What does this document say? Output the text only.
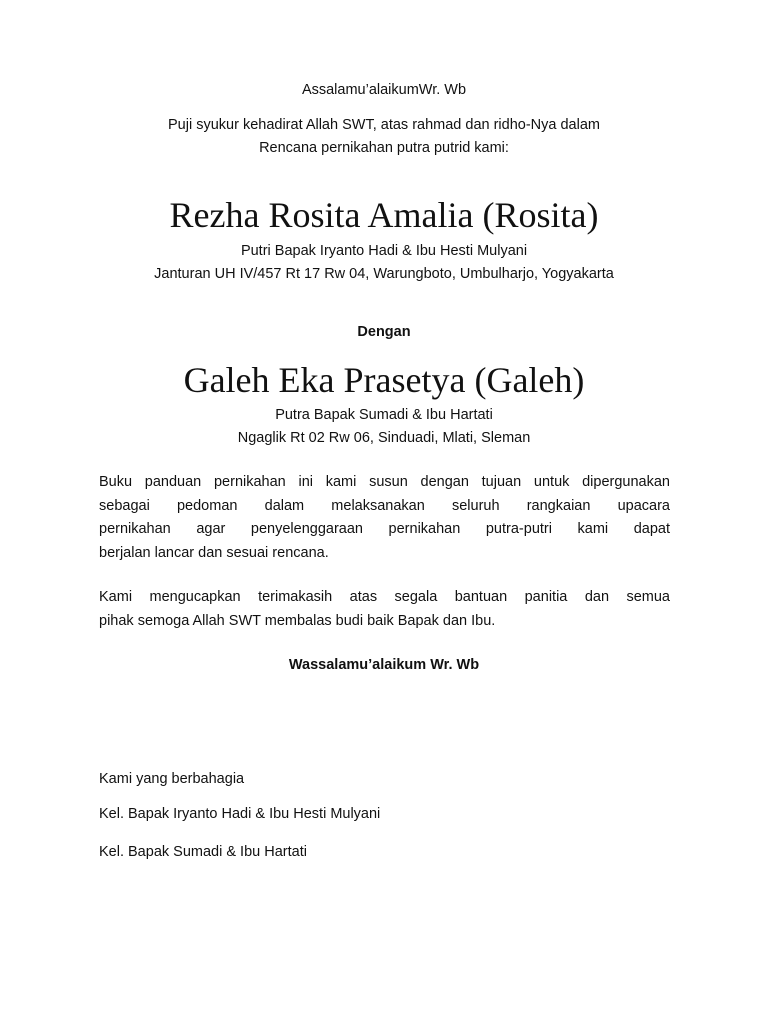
Assalamu’alaikumWr. Wb
Puji syukur kehadirat Allah SWT, atas rahmad dan ridho-Nya dalam
Rencana pernikahan putra putrid kami:
Rezha Rosita Amalia (Rosita)
Putri Bapak Iryanto Hadi & Ibu Hesti Mulyani
Janturan UH IV/457 Rt 17 Rw 04, Warungboto, Umbulharjo, Yogyakarta
Dengan
Galeh Eka Prasetya (Galeh)
Putra Bapak Sumadi & Ibu Hartati
Ngaglik Rt 02 Rw 06, Sinduadi, Mlati, Sleman
Buku panduan pernikahan ini kami susun dengan tujuan untuk dipergunakan
sebagai pedoman dalam melaksanakan seluruh rangkaian upacara
pernikahan agar penyelenggaraan pernikahan putra-putri kami dapat
berjalan lancar dan sesuai rencana.
Kami mengucapkan terimakasih atas segala bantuan panitia dan semua
pihak semoga Allah SWT membalas budi baik Bapak dan Ibu.
Wassalamu’alaikum Wr. Wb
Kami yang berbahagia
Kel. Bapak Iryanto Hadi & Ibu Hesti Mulyani
Kel. Bapak Sumadi & Ibu Hartati
